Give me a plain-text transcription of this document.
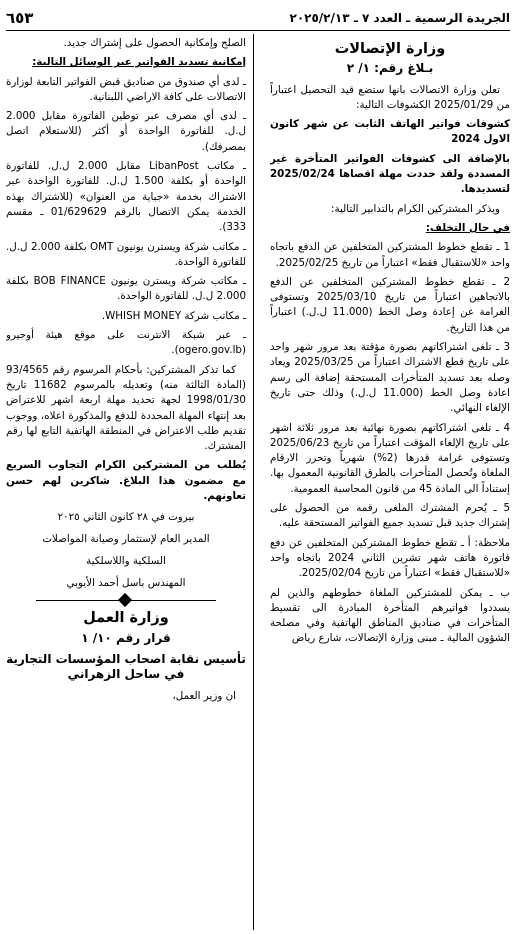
الجريدة الرسمية ـ العدد ٧ ـ ٢٠٢٥/٢/١٣
٦٥٣
وزارة الإتصالات
بـلاغ رقم: ١/ ٢

تعلن وزارة الاتصالات بانها ستضع قيد التحصيل اعتباراً من 2025/01/29 الكشوفات التالية:

كشوفات فواتير الهاتف الثابت عن شهر كانون الاول 2024

بالإضافة الى كشوفات الفواتير المتأخرة غير المسددة ولقد حددت مهلة اقصاها 2025/02/24 لتسديدها.

ويذكر المشتركين الكرام بالتدابير التالية:

في حال التخلف:

1 ـ تقطع خطوط المشتركين المتخلفين عن الدفع باتجاه واحد «للاستقبال فقط» اعتباراً من تاريخ 2025/02/25.

2 ـ تقطع خطوط المشتركين المتخلفين عن الدفع بالاتجاهين اعتباراً من تاريخ 2025/03/10 وتستوفى الغرامة عن إعادة وصل الخط (11.000 ل.ل.) اعتباراً من هذا التاريخ.

3 ـ تلغى اشتراكاتهم بصورة مؤقتة بعد مرور شهر واحد على تاريخ قطع الاشتراك اعتباراً من 2025/03/25 ويعاد وصله بعد تسديد المتأخرات المستحقة إضافة الى رسم اعادة وصل الخط (11.000 ل.ل.) وذلك حتى تاريخ الإلغاء النهائي.

4 ـ تلغى اشتراكاتهم بصورة نهائية بعد مرور ثلاثة اشهر على تاريخ الإلغاء المؤقت اعتباراً من تاريخ 2025/06/23 وتستوفى غرامة قدرها (2%) شهرياً وتحرر الارقام الملغاة وتُحصل المتأخرات بالطرق القانونية المعمول بها. إستناداً الى المادة 45 من قانون المحاسبة العمومية.

5 ـ يُحرم المشترك الملغى رقمه من الحصول على إشتراك جديد قبل تسديد جميع الفواتير المستحقة عليه.

ملاحظة: أ ـ تقطع خطوط المشتركين المتخلفين عن دفع فاتورة هاتف شهر تشرين الثاني 2024 باتجاه واحد «للاستقبال فقط» اعتباراً من تاريخ 2025/02/04.

ب ـ يمكن للمشتركين الملغاة خطوطهم والذين لم يسددوا فواتيرهم المتأخرة المبادرة الى تقسيط المتأخرات في صناديق المناطق الهاتفية وفي مصلحة الشؤون المالية ـ مبنى وزارة الإتصالات، شارع رياض

الصلح وإمكانية الحصول على إشتراك جديد.

إمكانية تسديد الفواتير عبر الوسائل التالية:

ـ لدى أي صندوق من صناديق قبض الفواتير التابعة لوزارة الاتصالات على كافة الاراضي اللبنانية.

ـ لدى أي مصرف عبر توطين الفاتورة مقابل 2.000 ل.ل. للفاتورة الواحدة أو أكثر (للاستعلام اتصل بمصرفك).

ـ مكاتب LibanPost مقابل 2.000 ل.ل. للفاتورة الواحدة أو بكلفة 1.500 ل.ل. للفاتورة الواحدة عبر الاشتراك بخدمة «جباية من العنوان» (للاشتراك بهذه الخدمة يمكن الاتصال بالرقم 01/629629 ـ مقسم 333).

ـ مكاتب شركة ويسترن يونيون OMT بكلفة 2.000 ل.ل. للفاتورة الواحدة.

ـ مكاتب شركة ويسترن يونيون BOB FINANCE بكلفة 2.000 ل.ل. للفاتورة الواحدة.

ـ مكاتب شركة WHISH MONEY.

ـ عبر شبكة الانترنت على موقع هيئة أوجيرو (ogero.gov.lb).

كما تذكر المشتركين: بأحكام المرسوم رقم 93/4565 (المادة الثالثة منه) وتعديله بالمرسوم 11682 تاريخ 1998/01/30 لجهة تحديد مهلة اربعة اشهر للاعتراض بعد إنتهاء المهلة المحددة للدفع والمذكورة اعلاه، ووجوب تقديم طلب الاعتراض في المنطقة الهاتفية التابع لها رقم المشترك.

يُطلب من المشتركين الكرام التجاوب السريع مع مضمون هذا البلاغ. شاكرين لهم حسن تعاونهم.

بيروت في ٢٨ كانون الثاني ٢٠٢٥

المدير العام لإستثمار وصيانة المواصلات

السلكية واللاسلكية

المهندس باسل أحمد الأيوبي

وزارة العمل
قرار رقم ١٠/ ١
تأسيس نقابة اصحاب المؤسسات التجارية
في ساحل الزهراني

ان وزير العمل،
